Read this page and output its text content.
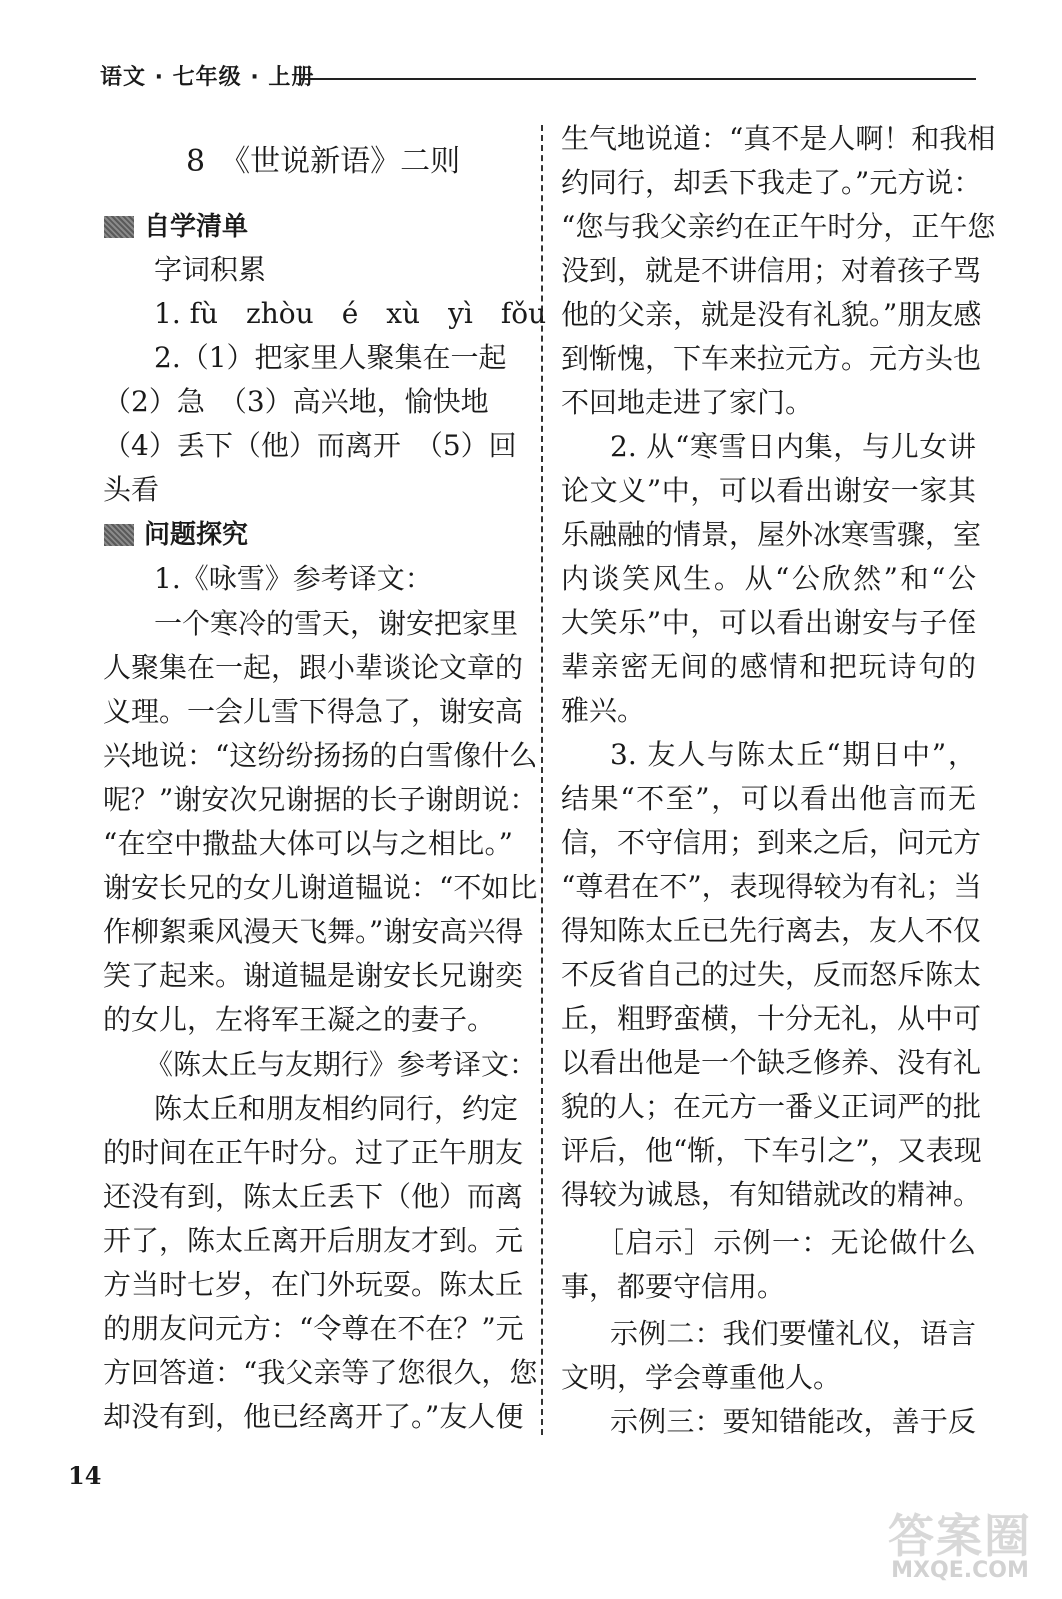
语文 · 七年级 · 上册
8　《世说新语》二则
自学清单
字词积累
1. fù　zhòu　é　xù　yì　fǒu
2.（1）把家里人聚集在一起
（2）急　（3）高兴地，愉快地
（4）丢下（他）而离开　（5）回
头看
问题探究
1.《咏雪》参考译文：
一个寒冷的雪天，谢安把家里
人聚集在一起，跟小辈谈论文章的
义理。一会儿雪下得急了，谢安高
兴地说：“这纷纷扬扬的白雪像什么
呢？”谢安次兄谢据的长子谢朗说：
“在空中撒盐大体可以与之相比。”
谢安长兄的女儿谢道韫说：“不如比
作柳絮乘风漫天飞舞。”谢安高兴得
笑了起来。谢道韫是谢安长兄谢奕
的女儿，左将军王凝之的妻子。
《陈太丘与友期行》参考译文：
陈太丘和朋友相约同行，约定
的时间在正午时分。过了正午朋友
还没有到，陈太丘丢下（他）而离
开了，陈太丘离开后朋友才到。元
方当时七岁，在门外玩耍。陈太丘
的朋友问元方：“令尊在不在？”元
方回答道：“我父亲等了您很久，您
却没有到，他已经离开了。”友人便
生气地说道：“真不是人啊！和我相
约同行，却丢下我走了。”元方说：
“您与我父亲约在正午时分，正午您
没到，就是不讲信用；对着孩子骂
他的父亲，就是没有礼貌。”朋友感
到惭愧，下车来拉元方。元方头也
不回地走进了家门。
2. 从“寒雪日内集，与儿女讲
论文义”中，可以看出谢安一家其
乐融融的情景，屋外冰寒雪骤，室
内谈笑风生。从“公欣然”和“公
大笑乐”中，可以看出谢安与子侄
辈亲密无间的感情和把玩诗句的
雅兴。
3. 友人与陈太丘“期日中”，
结果“不至”，可以看出他言而无
信，不守信用；到来之后，问元方
“尊君在不”，表现得较为有礼；当
得知陈太丘已先行离去，友人不仅
不反省自己的过失，反而怒斥陈太
丘，粗野蛮横，十分无礼，从中可
以看出他是一个缺乏修养、没有礼
貌的人；在元方一番义正词严的批
评后，他“惭，下车引之”，又表现
得较为诚恳，有知错就改的精神。
［启示］示例一：无论做什么
事，都要守信用。
示例二：我们要懂礼仪，语言
文明，学会尊重他人。
示例三：要知错能改，善于反
14
答案圈
MXQE.COM
